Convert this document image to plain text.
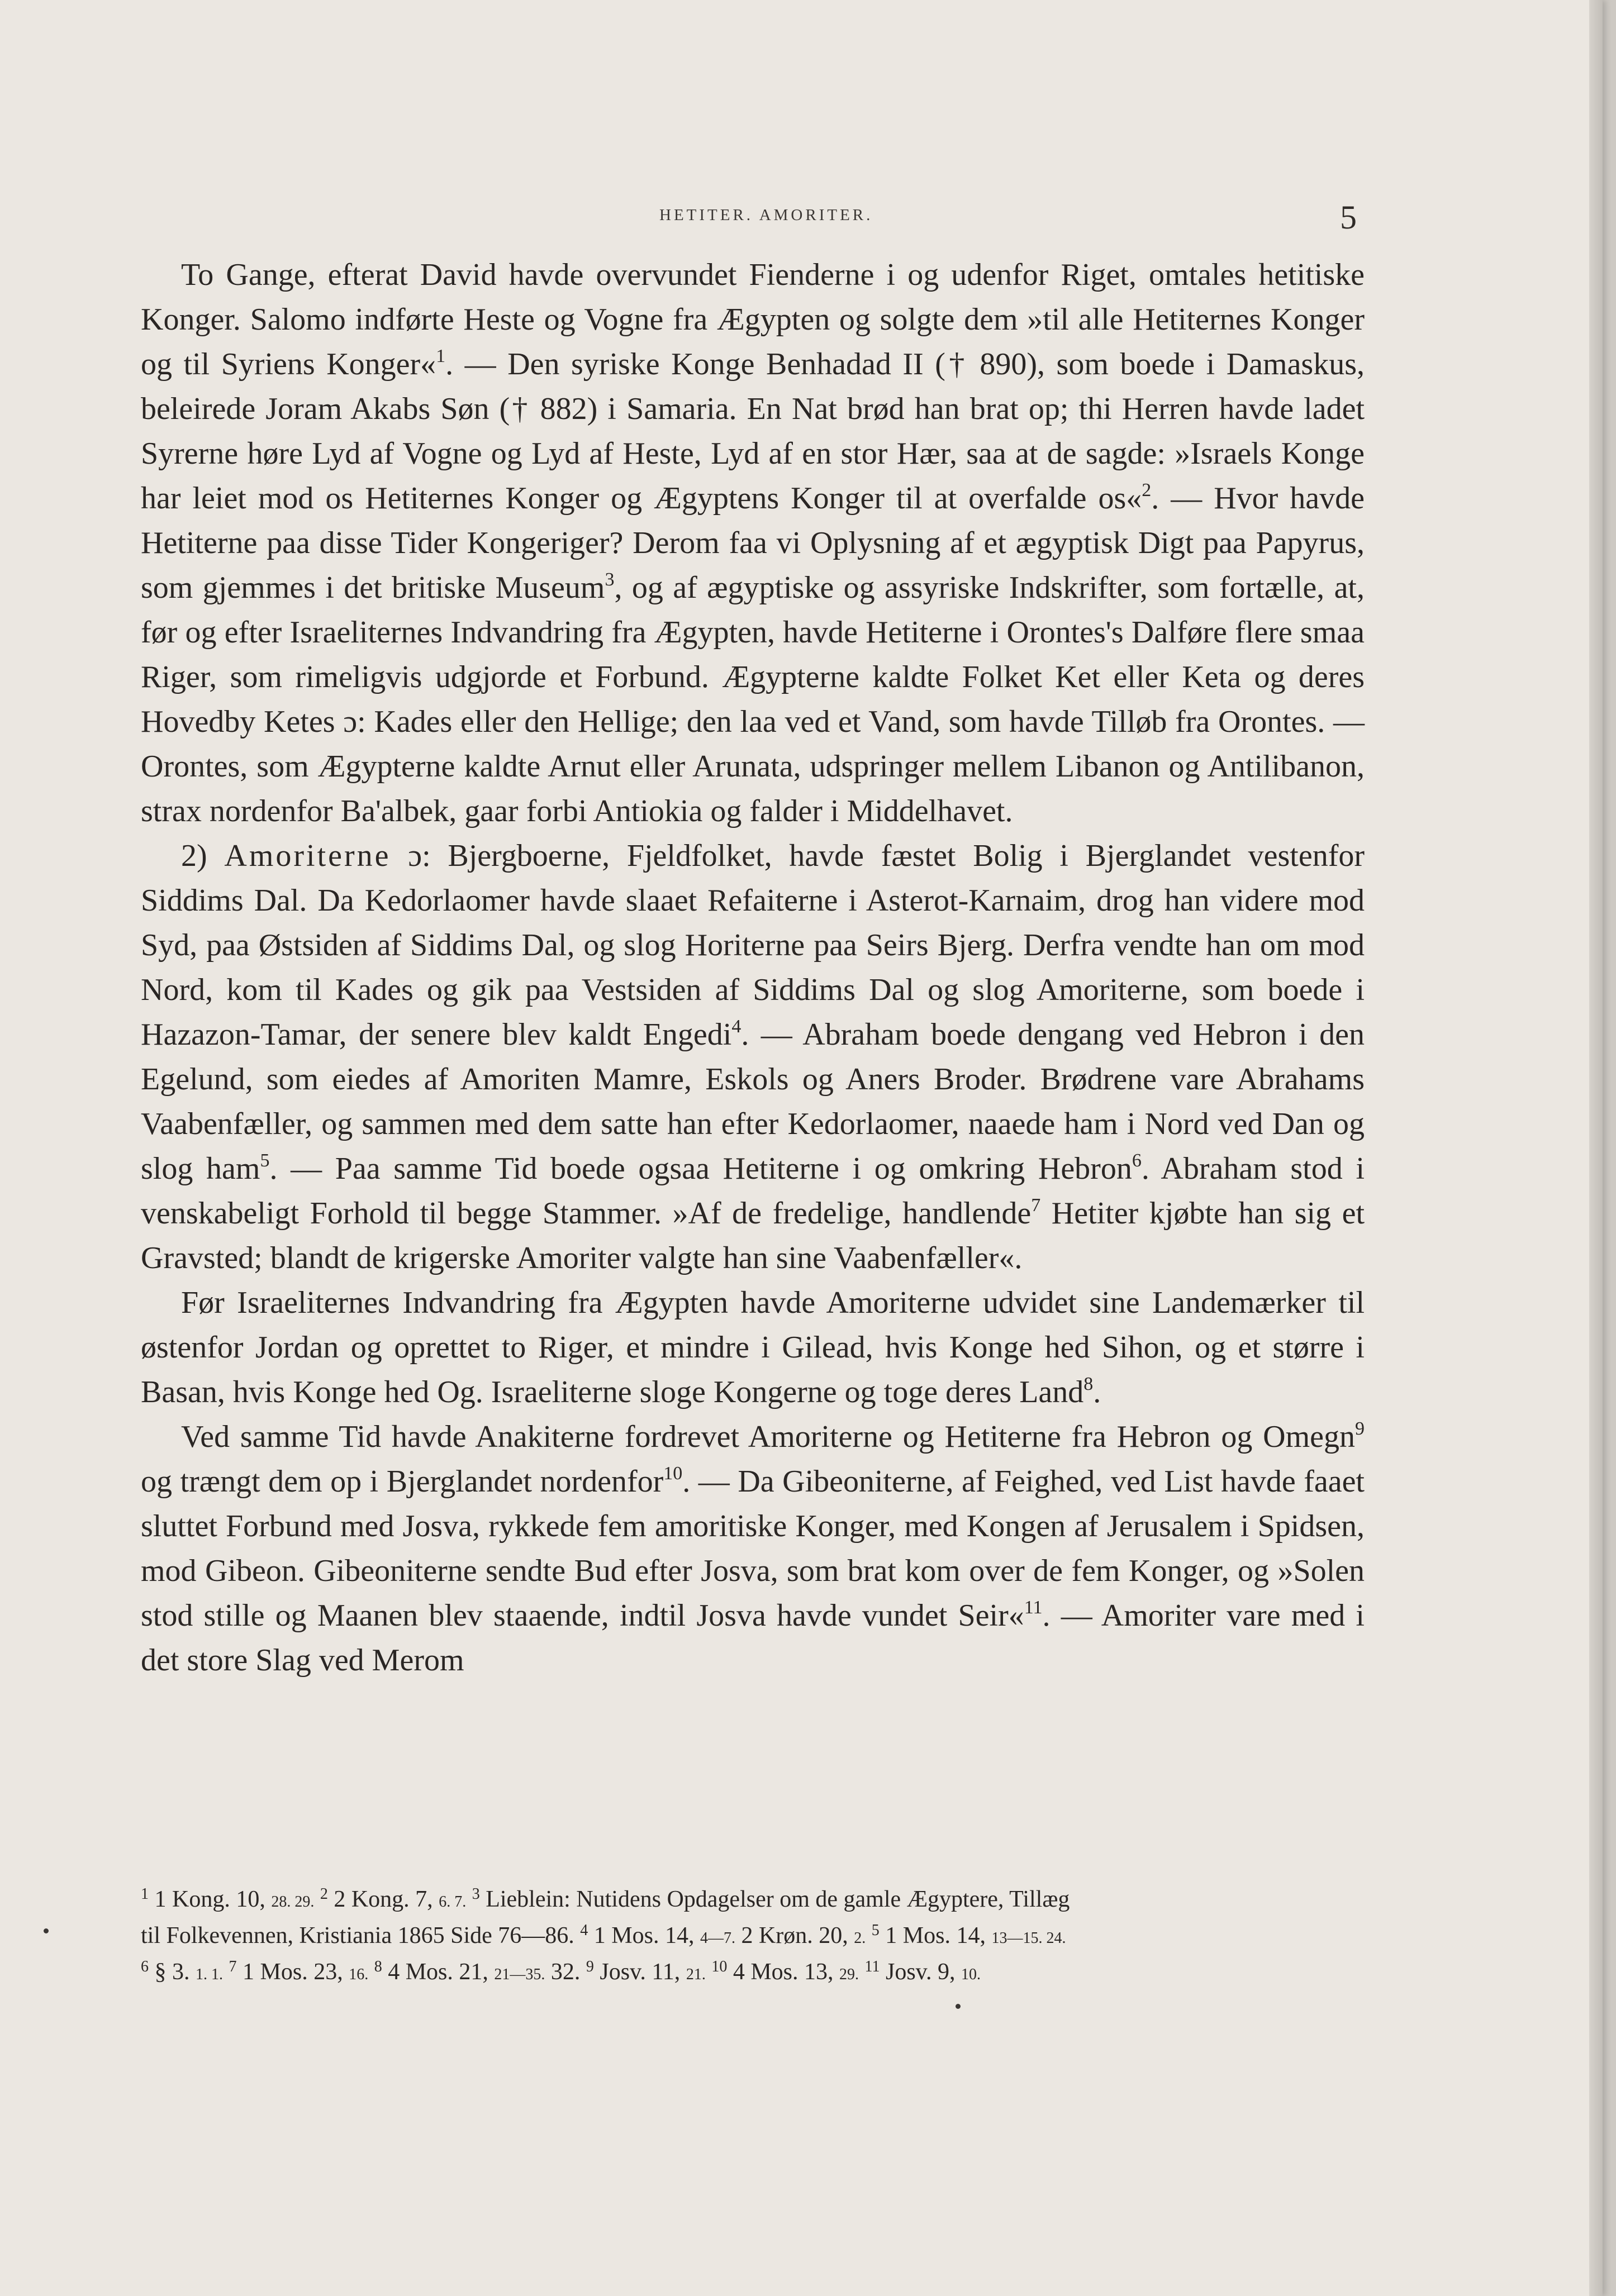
HETITER. AMORITER.	5

To Gange, efterat David havde overvundet Fienderne i og udenfor Riget, omtales hetitiske Konger. Salomo indførte Heste og Vogne fra Ægypten og solgte dem »til alle Hetiternes Konger og til Syriens Konger«$^1$. — Den syriske Konge Benhadad II († 890), som boede i Damaskus, beleirede Joram Akabs Søn († 882) i Samaria. En Nat brød han brat op; thi Herren havde ladet Syrerne høre Lyd af Vogne og Lyd af Heste, Lyd af en stor Hær, saa at de sagde: »Israels Konge har leiet mod os Hetiternes Konger og Ægyptens Konger til at overfalde os«$^2$. — Hvor havde Hetiterne paa disse Tider Kongeriger? Derom faa vi Oplysning af et ægyptisk Digt paa Papyrus, som gjemmes i det britiske Museum$^3$, og af ægyptiske og assyriske Indskrifter, som fortælle, at, før og efter Israeliternes Indvandring fra Ægypten, havde Hetiterne i Orontes's Dalføre flere smaa Riger, som rimeligvis udgjorde et Forbund. Ægypterne kaldte Folket Ket eller Keta og deres Hovedby Ketes ɔ: Kades eller den Hellige; den laa ved et Vand, som havde Tilløb fra Orontes. — Orontes, som Ægypterne kaldte Arnut eller Arunata, udspringer mellem Libanon og Antilibanon, strax nordenfor Ba'albek, gaar forbi Antiokia og falder i Middelhavet.

2) Amoriterne ɔ: Bjergboerne, Fjeldfolket, havde fæstet Bolig i Bjerglandet vestenfor Siddims Dal. Da Kedorlaomer havde slaaet Refaiterne i Asterot-Karnaim, drog han videre mod Syd, paa Østsiden af Siddims Dal, og slog Horiterne paa Seirs Bjerg. Derfra vendte han om mod Nord, kom til Kades og gik paa Vestsiden af Siddims Dal og slog Amoriterne, som boede i Hazazon-Tamar, der senere blev kaldt Engedi$^4$. — Abraham boede dengang ved Hebron i den Egelund, som eiedes af Amoriten Mamre, Eskols og Aners Broder. Brødrene vare Abrahams Vaabenfæller, og sammen med dem satte han efter Kedorlaomer, naaede ham i Nord ved Dan og slog ham$^5$. — Paa samme Tid boede ogsaa Hetiterne i og omkring Hebron$^6$. Abraham stod i venskabeligt Forhold til begge Stammer. »Af de fredelige, handlende$^7$ Hetiter kjøbte han sig et Gravsted; blandt de krigerske Amoriter valgte han sine Vaabenfæller«.

Før Israeliternes Indvandring fra Ægypten havde Amoriterne udvidet sine Landemærker til østenfor Jordan og oprettet to Riger, et mindre i Gilead, hvis Konge hed Sihon, og et større i Basan, hvis Konge hed Og. Israeliterne sloge Kongerne og toge deres Land$^8$.

Ved samme Tid havde Anakiterne fordrevet Amoriterne og Hetiterne fra Hebron og Omegn$^9$ og trængt dem op i Bjerglandet nordenfor$^{10}$. — Da Gibeoniterne, af Feighed, ved List havde faaet sluttet Forbund med Josva, rykkede fem amoritiske Konger, med Kongen af Jerusalem i Spidsen, mod Gibeon. Gibeoniterne sendte Bud efter Josva, som brat kom over de fem Konger, og »Solen stod stille og Maanen blev staaende, indtil Josva havde vundet Seir«$^{11}$. — Amoriter vare med i det store Slag ved Merom

$^1$ 1 Kong. 10, 28. 29. $^2$ 2 Kong. 7, 6. 7. $^3$ Lieblein: Nutidens Opdagelser om de gamle Ægyptere, Tillæg
til Folkevennen, Kristiania 1865 Side 76—86. $^4$ 1 Mos. 14, 4—7. 2 Krøn. 20, 2. $^5$ 1 Mos. 14, 13—15. 24.
$^6$ § 3. 1. 1. $^7$ 1 Mos. 23, 16. $^8$ 4 Mos. 21, 21—35. 32. $^9$ Josv. 11, 21. $^{10}$ 4 Mos. 13, 29. $^{11}$ Josv. 9, 10.
